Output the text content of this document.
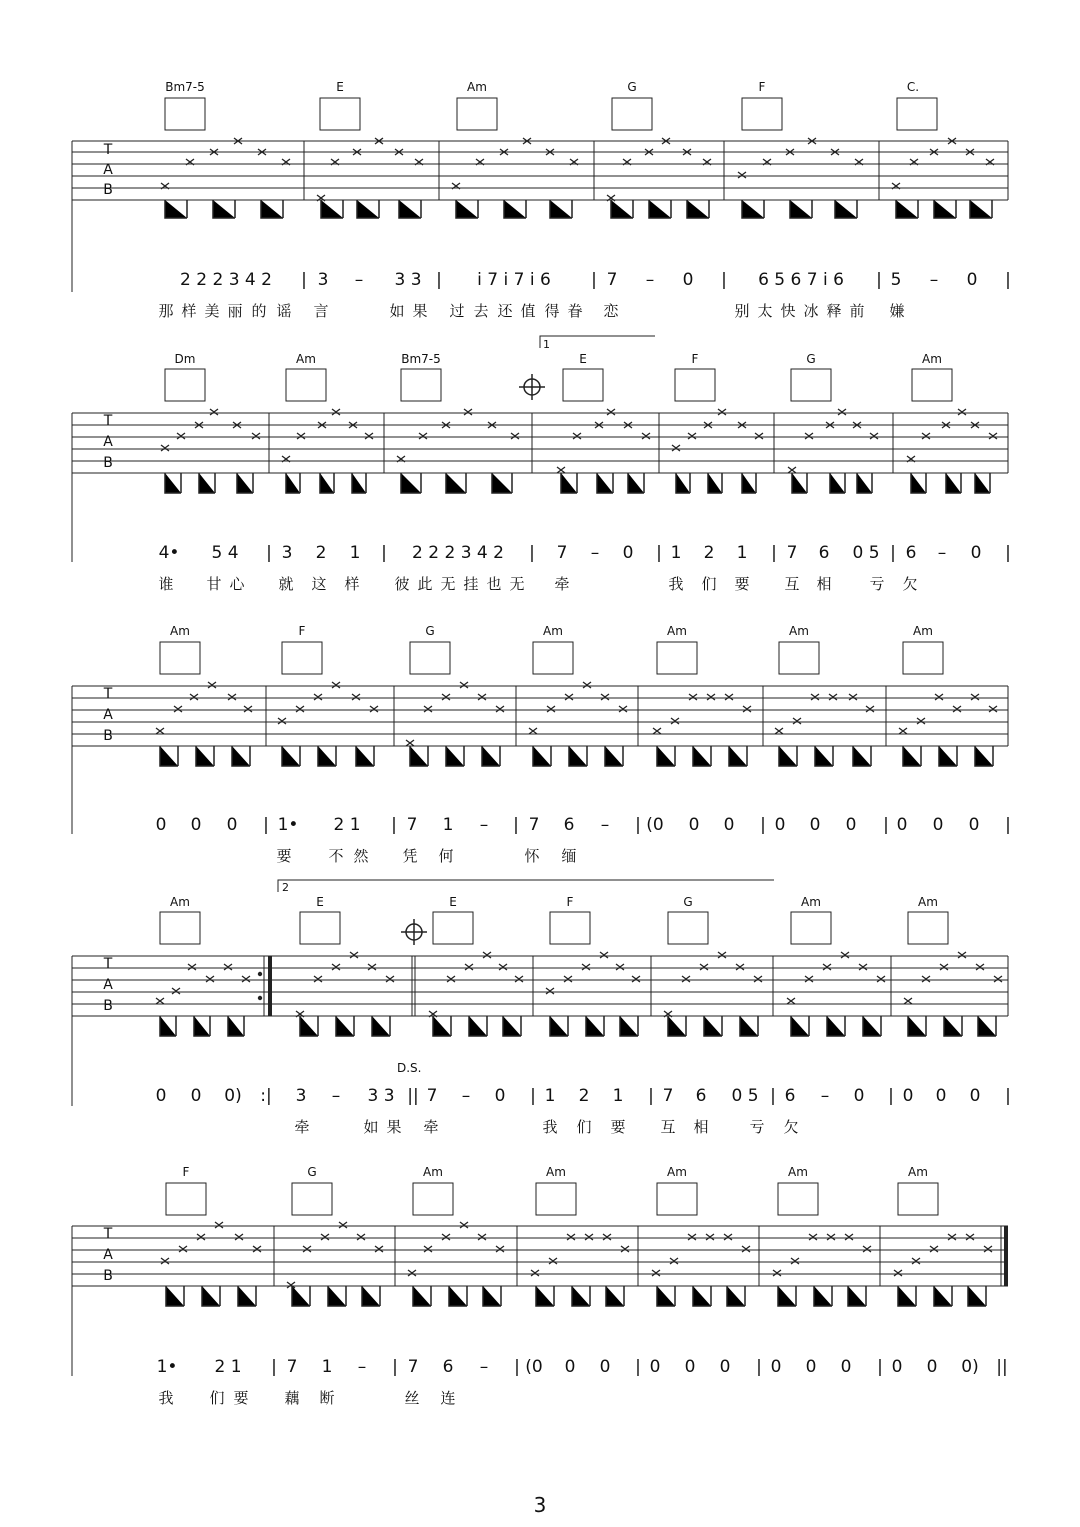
T
A
B
Bm7-5	E	Am	G	F	C.
2 2 2 3 4 2 | 3 – 3 3 | i 7 i 7 i 6 | 7 – 0 | 6 5 6 7 i 6 | 5 – 0 |
那 样 美 丽 的 谣 言	如 果 过 去 还 值 得 眷 恋	别 太 快 冰 释 前 嫌
T
A
B
1
Dm	Am	Bm7-5	E	F	G	Am
4• 5 4 | 3 2 1 | 2 2 2 3 4 2 | 7 – 0 | 1 2 1 | 7 6 0 5 | 6 – 0 |
谁 甘 心 就 这 样 彼 此 无 挂 也 无 牵	我 们 要 互 相	亏 欠
T
A
B
Am	F	G	Am	Am	Am	Am
0 0 0 | 1• 2 1 | 7 1 – | 7 6 – | (0 0 0 | 0 0 0 | 0 0 0 |
要 不 然 凭 何	怀 缅
T
A
B
2
D.S.
Am	E	E	F	G	Am	Am
0 0 0) :| 3 – 3 3 || 7 – 0 | 1 2 1 | 7 6 0 5 | 6 – 0 | 0 0 0 |
牵	如 果 牵	我 们 要 互 相	亏 欠
T
A
B
F	G	Am	Am	Am	Am	Am
1• 2 1 | 7 1 – | 7 6 – | (0 0 0 | 0 0 0 | 0 0 0 | 0 0 0) ||
我 们 要 藕 断	丝 连
3
